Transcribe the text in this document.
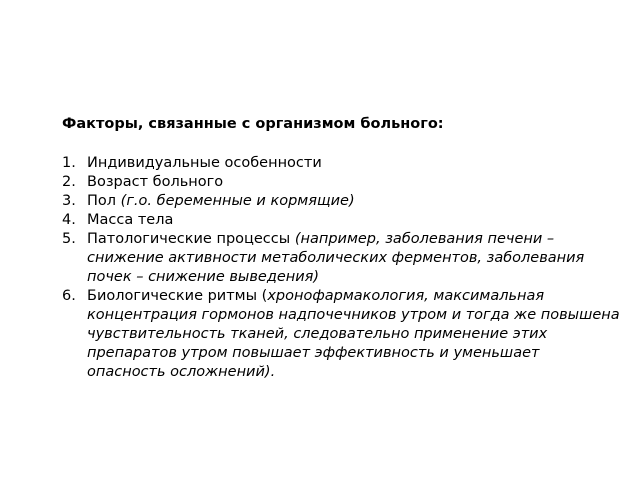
Факторы, связанные с организмом больного:
1. Индивидуальные особенности
2. Возраст больного
3. Пол (г.о. беременные и кормящие)
4. Масса тела
5. Патологические процессы (например, заболевания печени – снижение активности метаболических ферментов, заболевания почек – снижение выведения)
6. Биологические ритмы (хронофармакология, максимальная концентрация гормонов надпочечников утром и тогда же повышена чувствительность тканей, следовательно применение этих препаратов утром повышает эффективность и уменьшает опасность осложнений).
